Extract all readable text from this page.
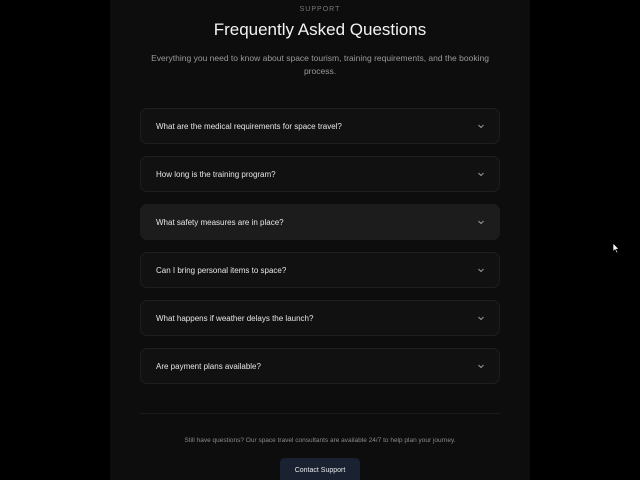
SUPPORT
Frequently Asked Questions

Everything you need to know about space tourism, training requirements, and the booking process.

What are the medical requirements for space travel?
How long is the training program?
What safety measures are in place?
Can I bring personal items to space?
What happens if weather delays the launch?
Are payment plans available?

Still have questions? Our space travel consultants are available 24/7 to help plan your journey.

Contact Support
